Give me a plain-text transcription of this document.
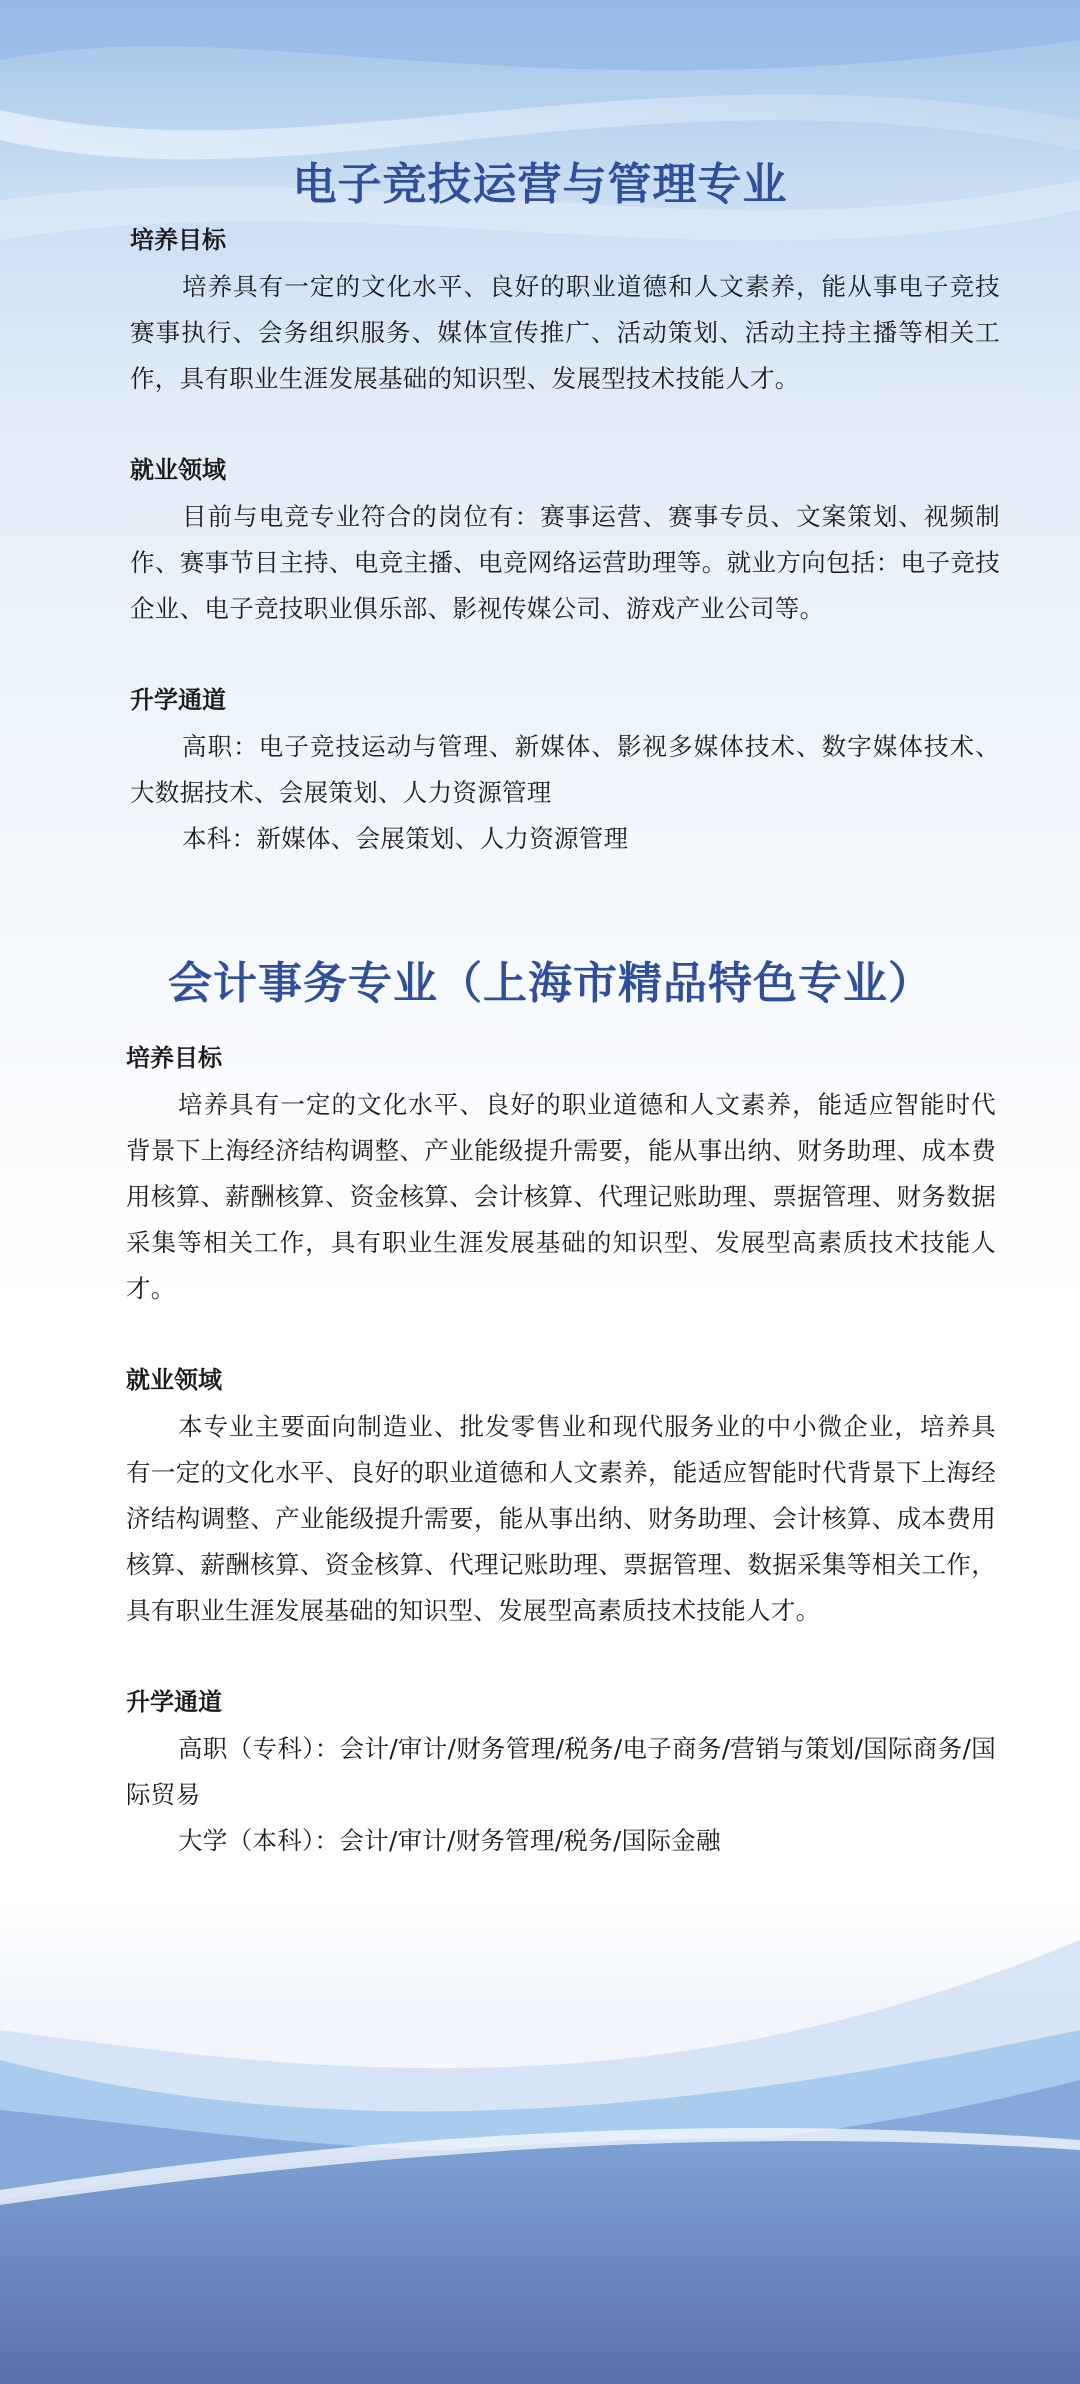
电子竞技运营与管理专业
培养目标

培养具有一定的文化水平、良好的职业道德和人文素养，能从事电子竞技赛事执行、会务组织服务、媒体宣传推广、活动策划、活动主持主播等相关工作，具有职业生涯发展基础的知识型、发展型技术技能人才。

就业领域

目前与电竞专业符合的岗位有：赛事运营、赛事专员、文案策划、视频制作、赛事节目主持、电竞主播、电竞网络运营助理等。就业方向包括：电子竞技企业、电子竞技职业俱乐部、影视传媒公司、游戏产业公司等。

升学通道

高职：电子竞技运动与管理、新媒体、影视多媒体技术、数字媒体技术、大数据技术、会展策划、人力资源管理

本科：新媒体、会展策划、人力资源管理

会计事务专业（上海市精品特色专业）
培养目标

培养具有一定的文化水平、良好的职业道德和人文素养，能适应智能时代背景下上海经济结构调整、产业能级提升需要，能从事出纳、财务助理、成本费用核算、薪酬核算、资金核算、会计核算、代理记账助理、票据管理、财务数据采集等相关工作，具有职业生涯发展基础的知识型、发展型高素质技术技能人才。

就业领域

本专业主要面向制造业、批发零售业和现代服务业的中小微企业，培养具有一定的文化水平、良好的职业道德和人文素养，能适应智能时代背景下上海经济结构调整、产业能级提升需要，能从事出纳、财务助理、会计核算、成本费用核算、薪酬核算、资金核算、代理记账助理、票据管理、数据采集等相关工作，具有职业生涯发展基础的知识型、发展型高素质技术技能人才。

升学通道

高职（专科）：会计/审计/财务管理/税务/电子商务/营销与策划/国际商务/国际贸易

大学（本科）：会计/审计/财务管理/税务/国际金融
